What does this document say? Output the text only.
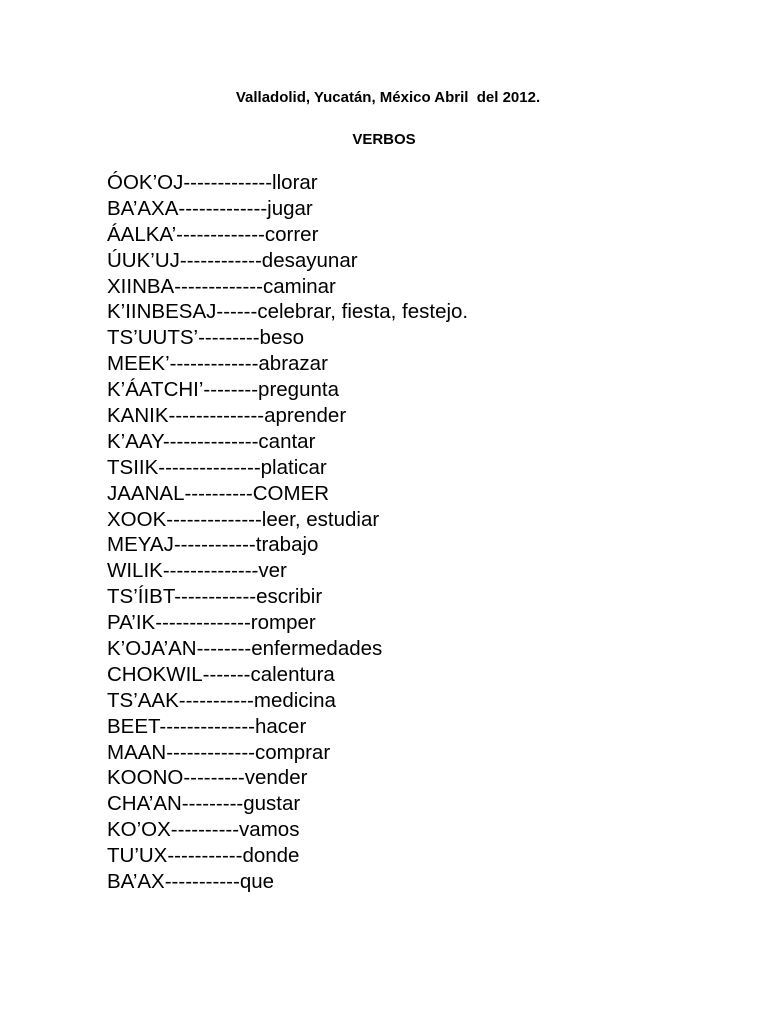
Valladolid, Yucatán, México Abril  del 2012.
VERBOS
ÓOK’OJ-------------llorar
BA’AXA-------------jugar
ÁALKA’-------------correr
ÚUK’UJ------------desayunar
XIINBA-------------caminar
K’IINBESAJ------celebrar, fiesta, festejo.
TS’UUTS’---------beso
MEEK’-------------abrazar
K’ÁATCHI’--------pregunta
KANIK--------------aprender
K’AAY--------------cantar
TSIIK---------------platicar
JAANAL----------COMER
XOOK--------------leer, estudiar
MEYAJ------------trabajo
WILIK--------------ver
TS’ÍIBT------------escribir
PA’IK--------------romper
K’OJA’AN--------enfermedades
CHOKWIL-------calentura
TS’AAK-----------medicina
BEET--------------hacer
MAAN-------------comprar
KOONO---------vender
CHA’AN---------gustar
KO’OX----------vamos
TU’UX-----------donde
BA’AX-----------que
